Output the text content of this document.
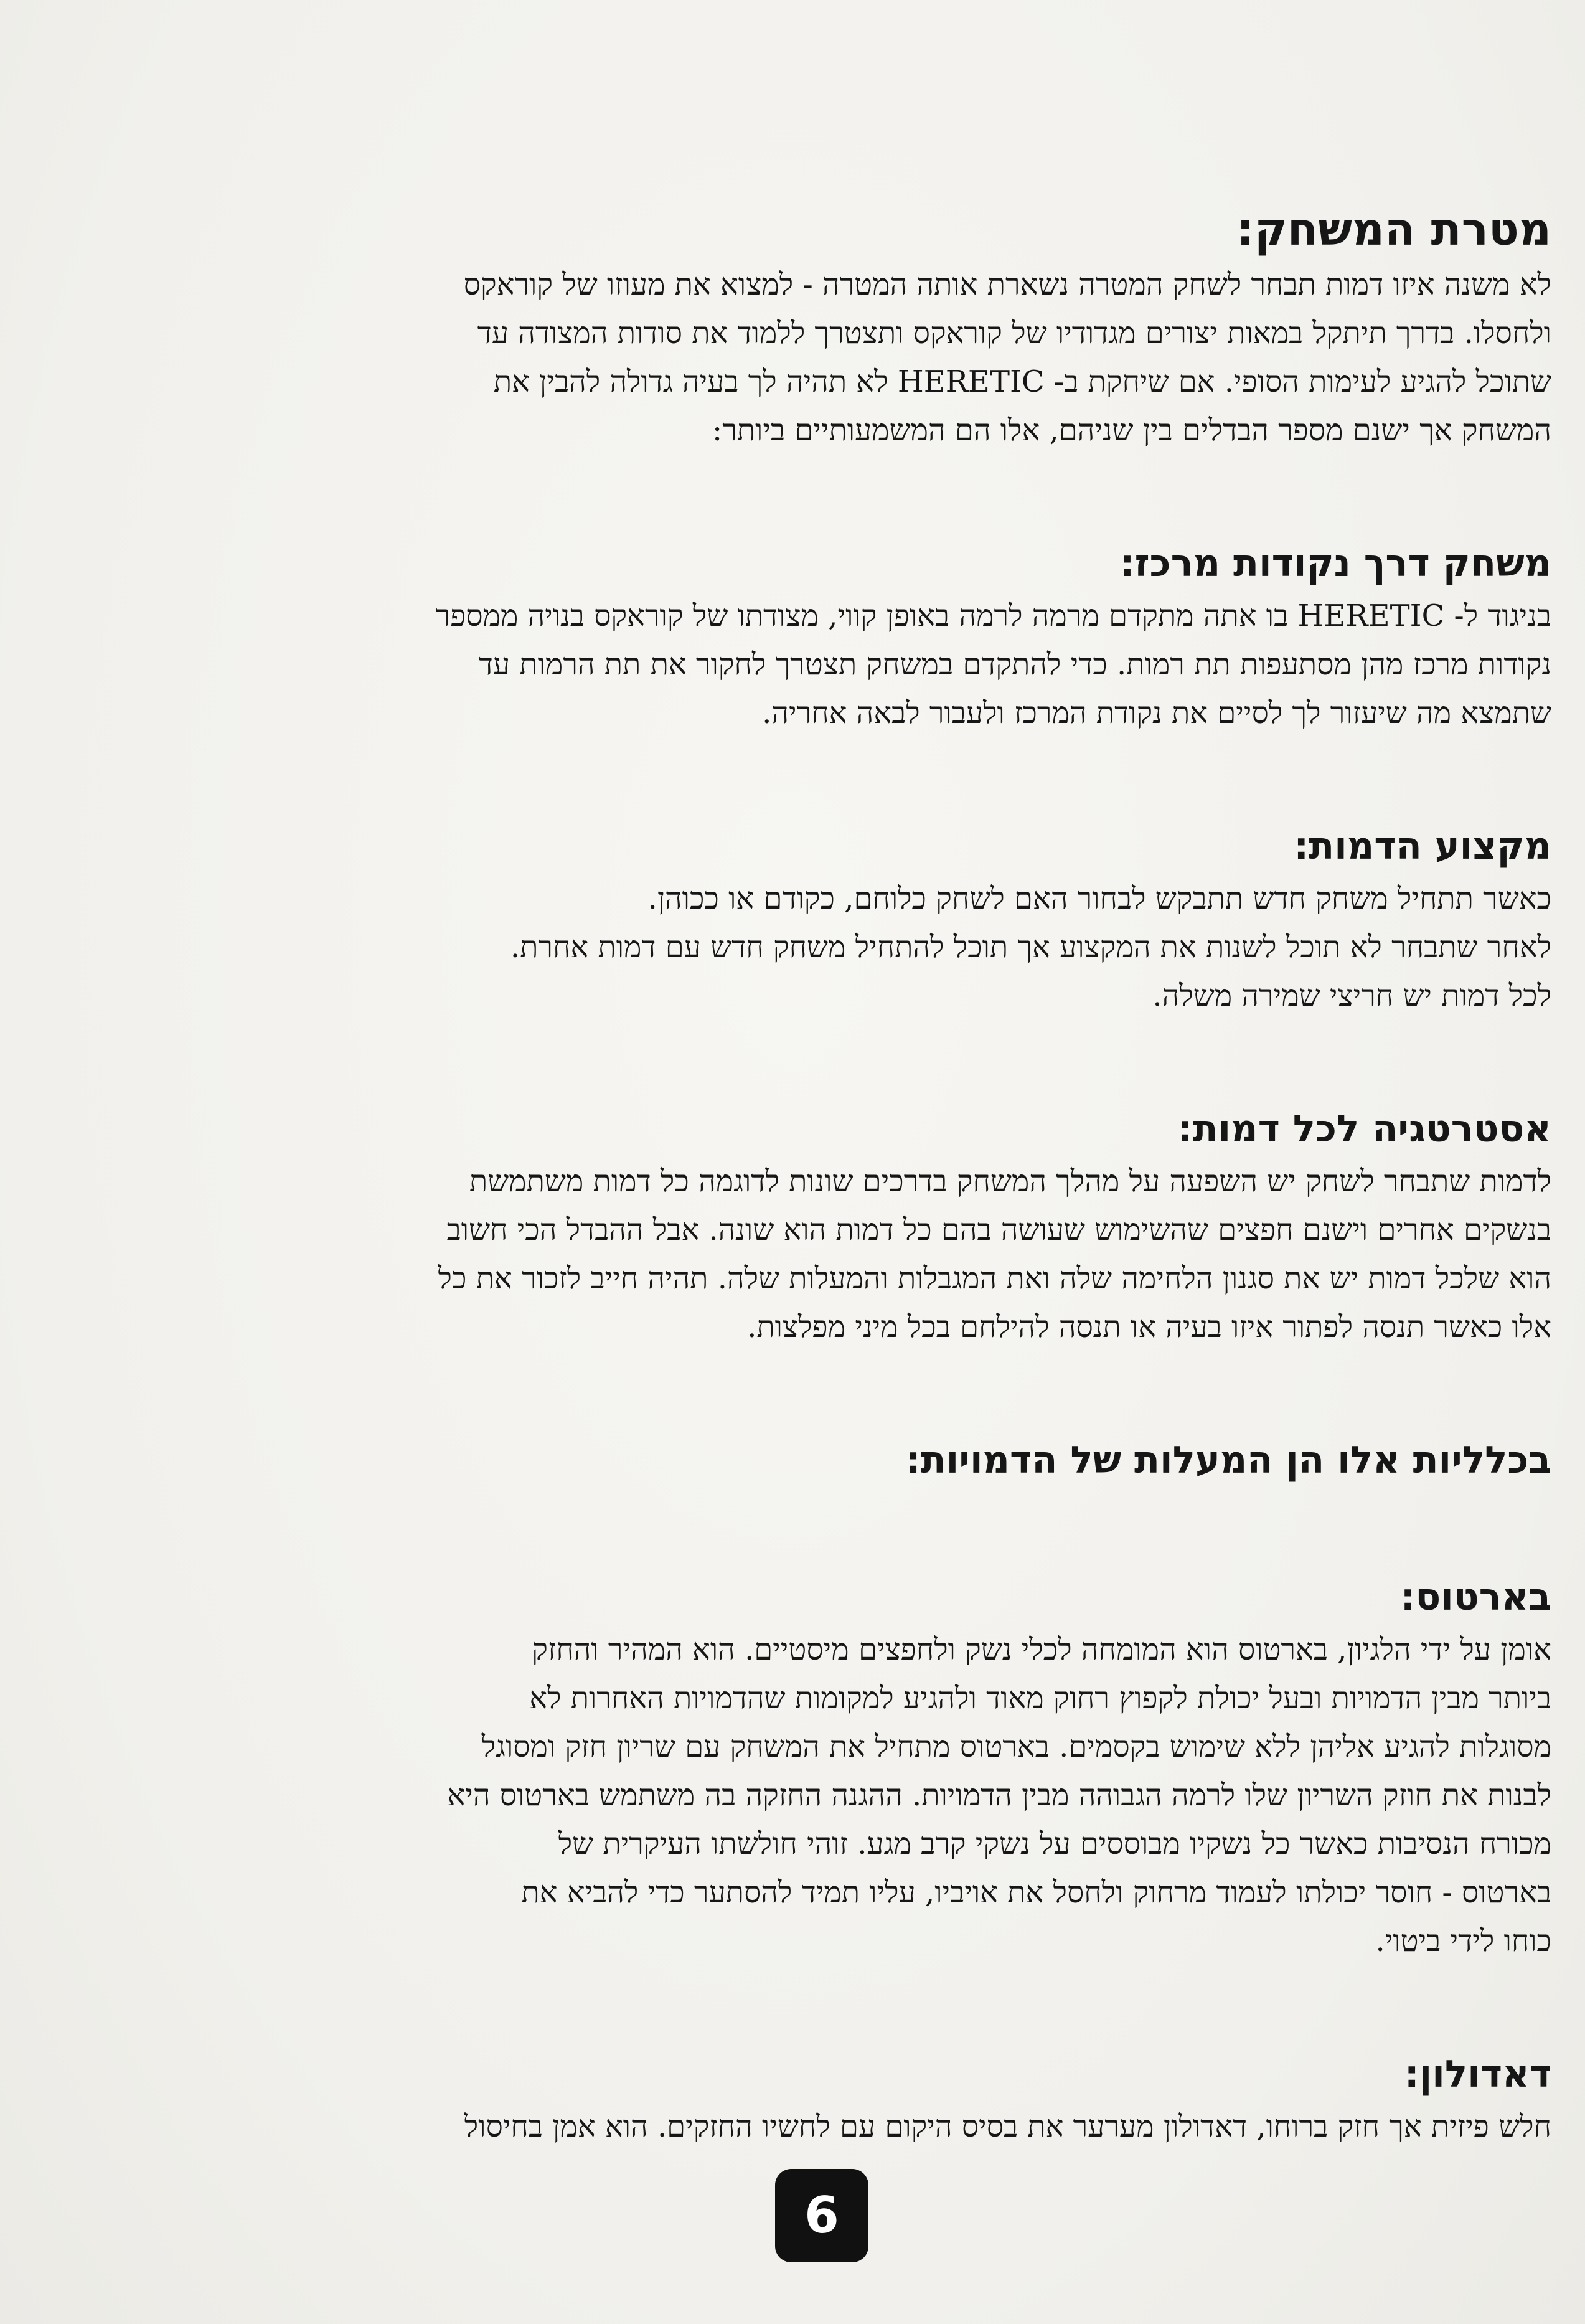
מטרת המשחק:

לא משנה איזו דמות תבחר לשחק המטרה נשארת אותה המטרה - למצוא את מעוזו של קוראקס
ולחסלו. בדרך תיתקל במאות יצורים מגדודיו של קוראקס ותצטרך ללמוד את סודות המצודה עד
שתוכל להגיע לעימות הסופי. אם שיחקת ב- HERETIC לא תהיה לך בעיה גדולה להבין את
המשחק אך ישנם מספר הבדלים בין שניהם, אלו הם המשמעותיים ביותר:

משחק דרך נקודות מרכז:

בניגוד ל- HERETIC בו אתה מתקדם מרמה לרמה באופן קווי, מצודתו של קוראקס בנויה ממספר
נקודות מרכז מהן מסתעפות תת רמות. כדי להתקדם במשחק תצטרך לחקור את תת הרמות עד
שתמצא מה שיעזור לך לסיים את נקודת המרכז ולעבור לבאה אחריה.

מקצוע הדמות:

כאשר תתחיל משחק חדש תתבקש לבחור האם לשחק כלוחם, כקודם או ככוהן.
לאחר שתבחר לא תוכל לשנות את המקצוע אך תוכל להתחיל משחק חדש עם דמות אחרת.
לכל דמות יש חריצי שמירה משלה.

אסטרטגיה לכל דמות:

לדמות שתבחר לשחק יש השפעה על מהלך המשחק בדרכים שונות לדוגמה כל דמות משתמשת
בנשקים אחרים וישנם חפצים שהשימוש שעושה בהם כל דמות הוא שונה. אבל ההבדל הכי חשוב
הוא שלכל דמות יש את סגנון הלחימה שלה ואת המגבלות והמעלות שלה. תהיה חייב לזכור את כל
אלו כאשר תנסה לפתור איזו בעיה או תנסה להילחם בכל מיני מפלצות.

בכלליות אלו הן המעלות של הדמויות:
בארטוס:

אומן על ידי הלגיון, בארטוס הוא המומחה לכלי נשק ולחפצים מיסטיים. הוא המהיר והחזק
ביותר מבין הדמויות ובעל יכולת לקפוץ רחוק מאוד ולהגיע למקומות שהדמויות האחרות לא
מסוגלות להגיע אליהן ללא שימוש בקסמים. בארטוס מתחיל את המשחק עם שריון חזק ומסוגל
לבנות את חוזק השריון שלו לרמה הגבוהה מבין הדמויות. ההגנה החזקה בה משתמש בארטוס היא
מכורח הנסיבות כאשר כל נשקיו מבוססים על נשקי קרב מגע. זוהי חולשתו העיקרית של
בארטוס - חוסר יכולתו לעמוד מרחוק ולחסל את אויביו, עליו תמיד להסתער כדי להביא את
כוחו לידי ביטוי.

דאדולון:

חלש פיזית אך חזק ברוחו, דאדולון מערער את בסיס היקום עם לחשיו החזקים. הוא אמן בחיסול

6
